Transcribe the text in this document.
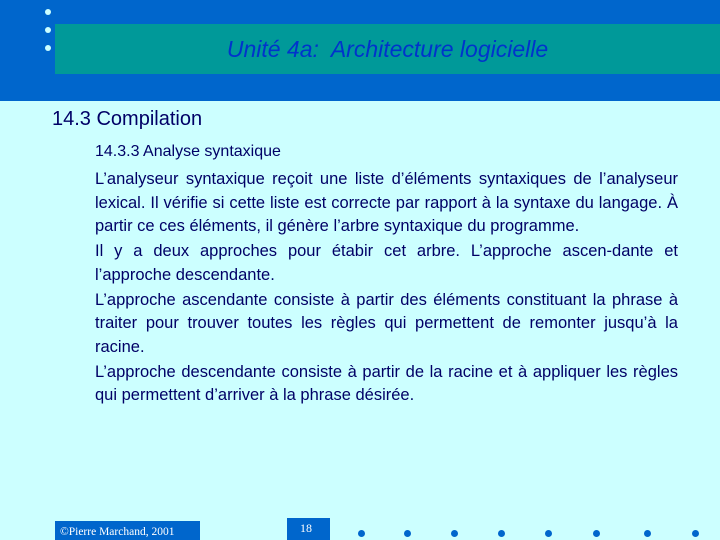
Unité 4a:  Architecture logicielle
14.3 Compilation
14.3.3 Analyse syntaxique

L’analyseur syntaxique reçoit une liste d’éléments syntaxiques de l’analyseur lexical. Il vérifie si cette liste est correcte par rapport à la syntaxe du langage. À partir ce ces éléments, il génère l’arbre syntaxique du programme.

Il y a deux approches pour étabir cet arbre. L’approche ascen-dante et l’approche descendante.

L’approche ascendante consiste à partir des éléments constituant la phrase à traiter pour trouver toutes les règles qui permettent de remonter jusqu’à la racine.

L’approche descendante consiste à partir de la racine et à appliquer les règles qui permettent d’arriver à la phrase désirée.

©Pierre Marchand, 2001	18
